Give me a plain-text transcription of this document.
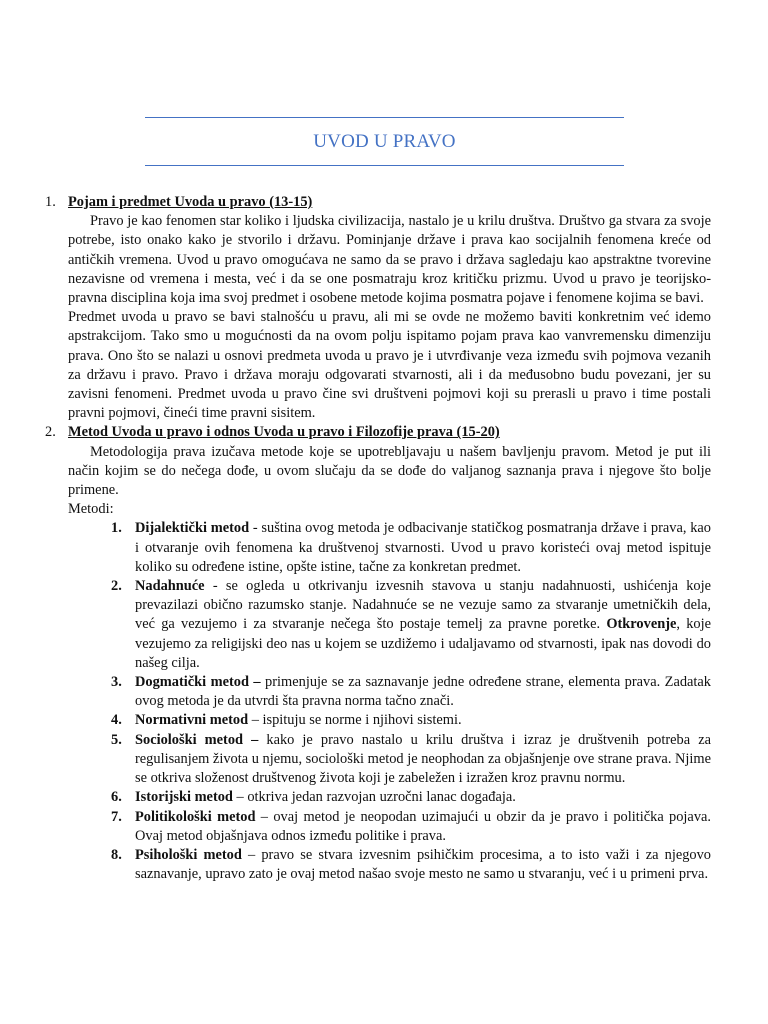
UVOD U PRAVO
1. Pojam i predmet Uvoda u pravo (13-15)

Pravo je kao fenomen star koliko i ljudska civilizacija, nastalo je u krilu društva. Društvo ga stvara za svoje potrebe, isto onako kako je stvorilo i državu. Pominjanje države i prava kao socijalnih fenomena kreće od antičkih vremena. Uvod u pravo omogućava ne samo da se pravo i država sagledaju kao apstraktne tvorevine nezavisne od vremena i mesta, već i da se one posmatraju kroz kritičku prizmu. Uvod u pravo je teorijsko-pravna disciplina koja ima svoj predmet i osobene metode kojima posmatra pojave i fenomene kojima se bavi.

Predmet uvoda u pravo se bavi stalnošću u pravu, ali mi se ovde ne možemo baviti konkretnim već idemo apstrakcijom. Tako smo u mogućnosti da na ovom polju ispitamo pojam prava kao vanvremensku dimenziju prava. Ono što se nalazi u osnovi predmeta uvoda u pravo je i utvrđivanje veza između svih pojmova vezanih za državu i pravo. Pravo i država moraju odgovarati stvarnosti, ali i da međusobno budu povezani, jer su zavisni fenomeni. Predmet uvoda u pravo čine svi društveni pojmovi koji su prerasli u pravo i time postali pravni pojmovi, čineći time pravni sisitem.

2. Metod Uvoda u pravo i odnos Uvoda u pravo i Filozofije prava (15-20)

Metodologija prava izučava metode koje se upotrebljavaju u našem bavljenju pravom. Metod je put ili način kojim se do nečega dođe, u ovom slučaju da se dođe do valjanog saznanja prava i njegove što bolje primene.

Metodi:

1. Dijalektički metod - suština ovog metoda je odbacivanje statičkog posmatranja države i prava, kao i otvaranje ovih fenomena ka društvenoj stvarnosti. Uvod u pravo koristeći ovaj metod ispituje koliko su određene istine, opšte istine, tačne za konkretan predmet.
2. Nadahnuće - se ogleda u otkrivanju izvesnih stavova u stanju nadahnuosti, ushićenja koje prevazilazi obično razumsko stanje. Nadahnuće se ne vezuje samo za stvaranje umetničkih dela, već ga vezujemo i za stvaranje nečega što postaje temelj za pravne poretke. Otkrovenje, koje vezujemo za religijski deo nas u kojem se uzdižemo i udaljavamo od stvarnosti, ipak nas dovodi do našeg cilja.
3. Dogmatički metod – primenjuje se za saznavanje jedne određene strane, elementa prava. Zadatak ovog metoda je da utvrdi šta pravna norma tačno znači.
4. Normativni metod – ispituju se norme i njihovi sistemi.
5. Sociološki metod – kako je pravo nastalo u krilu društva i izraz je društvenih potreba za regulisanjem života u njemu, sociološki metod je neophodan za objašnjenje ove strane prava. Njime se otkriva složenost društvenog života koji je zabeležen i izražen kroz pravnu normu.
6. Istorijski metod – otkriva jedan razvojan uzročni lanac događaja.
7. Politikološki metod – ovaj metod je neopodan uzimajući u obzir da je pravo i politička pojava. Ovaj metod objašnjava odnos između politike i prava.
8. Psihološki metod – pravo se stvara izvesnim psihičkim procesima, a to isto važi i za njegovo saznavanje, upravo zato je ovaj metod našao svoje mesto ne samo u stvaranju, već i u primeni prva.
